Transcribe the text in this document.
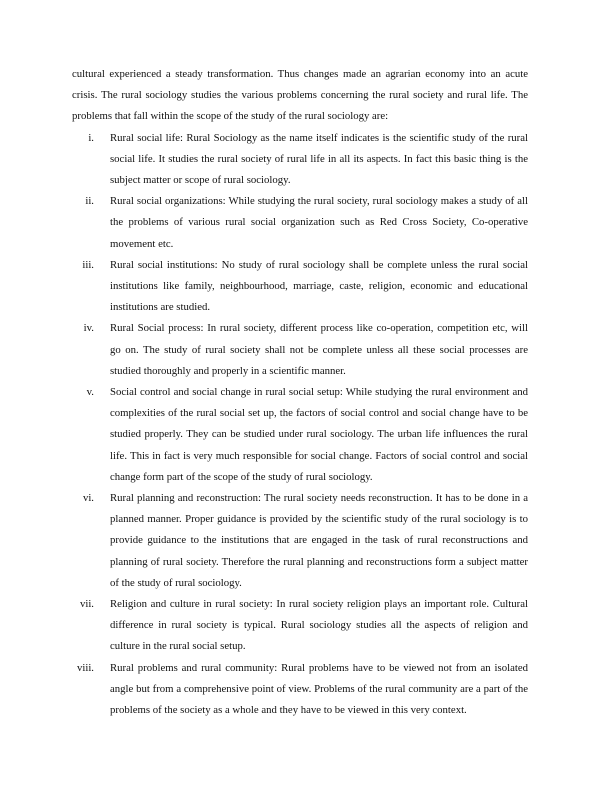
cultural experienced a steady transformation. Thus changes made an agrarian economy into an acute crisis. The rural sociology studies the various problems concerning the rural society and rural life. The problems that fall within the scope of the study of the rural sociology are:

i. Rural social life: Rural Sociology as the name itself indicates is the scientific study of the rural social life. It studies the rural society of rural life in all its aspects. In fact this basic thing is the subject matter or scope of rural sociology.
ii. Rural social organizations: While studying the rural society, rural sociology makes a study of all the problems of various rural social organization such as Red Cross Society, Co-operative movement etc.
iii. Rural social institutions: No study of rural sociology shall be complete unless the rural social institutions like family, neighbourhood, marriage, caste, religion, economic and educational institutions are studied.
iv. Rural Social process: In rural society, different process like co-operation, competition etc, will go on. The study of rural society shall not be complete unless all these social processes are studied thoroughly and properly in a scientific manner.
v. Social control and social change in rural social setup: While studying the rural environment and complexities of the rural social set up, the factors of social control and social change have to be studied properly. They can be studied under rural sociology. The urban life influences the rural life. This in fact is very much responsible for social change. Factors of social control and social change form part of the scope of the study of rural sociology.
vi. Rural planning and reconstruction: The rural society needs reconstruction. It has to be done in a planned manner. Proper guidance is provided by the scientific study of the rural sociology is to provide guidance to the institutions that are engaged in the task of rural reconstructions and planning of rural society. Therefore the rural planning and reconstructions form a subject matter of the study of rural sociology.
vii. Religion and culture in rural society: In rural society religion plays an important role. Cultural difference in rural society is typical. Rural sociology studies all the aspects of religion and culture in the rural social setup.
viii. Rural problems and rural community: Rural problems have to be viewed not from an isolated angle but from a comprehensive point of view. Problems of the rural community are a part of the problems of the society as a whole and they have to be viewed in this very context.
